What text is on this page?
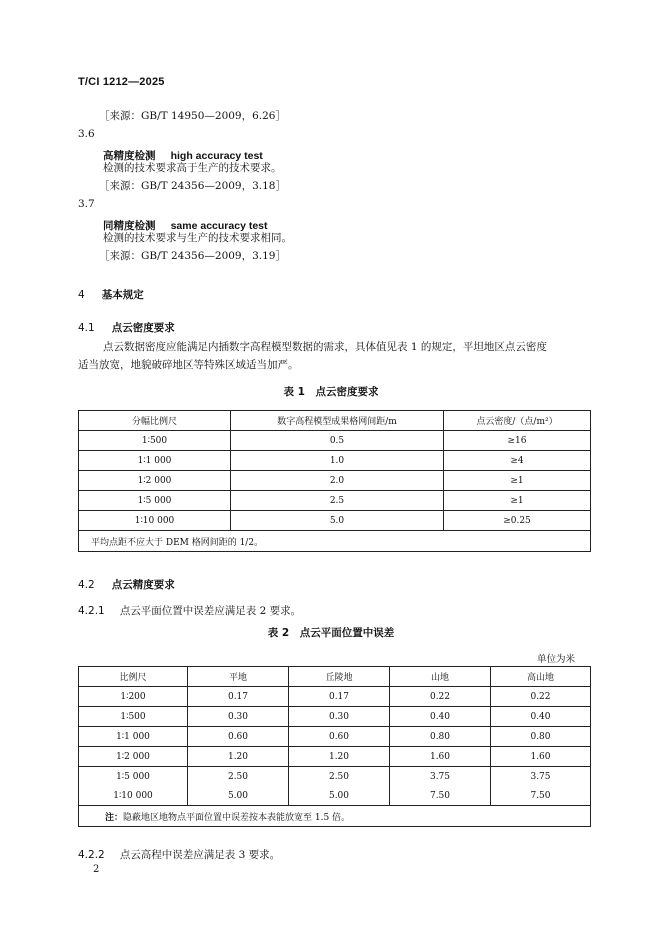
T/CI 1212—2025
［来源：GB/T 14950—2009，6.26］
3.6
高精度检测 high accuracy test
检测的技术要求高于生产的技术要求。
［来源：GB/T 24356—2009，3.18］
3.7
同精度检测 same accuracy test
检测的技术要求与生产的技术要求相同。
［来源：GB/T 24356—2009，3.19］
4 基本规定
4.1 点云密度要求
点云数据密度应能满足内插数字高程模型数据的需求，具体值见表 1 的规定，平坦地区点云密度
适当放宽，地貌破碎地区等特殊区域适当加严。
表 1　点云密度要求
分幅比例尺	数字高程模型成果格网间距/m	点云密度/（点/m²）
1∶500	0.5	≥16
1∶1 000	1.0	≥4
1∶2 000	2.0	≥1
1∶5 000	2.5	≥1
1∶10 000	5.0	≥0.25
平均点距不应大于 DEM 格网间距的 1/2。		
4.2 点云精度要求
4.2.1 点云平面位置中误差应满足表 2 要求。
表 2　点云平面位置中误差
单位为米
比例尺	平地	丘陵地	山地	高山地
1∶200	0.17	0.17	0.22	0.22
1∶500	0.30	0.30	0.40	0.40
1∶1 000	0.60	0.60	0.80	0.80
1∶2 000	1.20	1.20	1.60	1.60
1∶5 000	2.50	2.50	3.75	3.75
1∶10 000	5.00	5.00	7.50	7.50
注：隐蔽地区地物点平面位置中误差按本表能放宽至 1.5 倍。				
4.2.2 点云高程中误差应满足表 3 要求。
2
